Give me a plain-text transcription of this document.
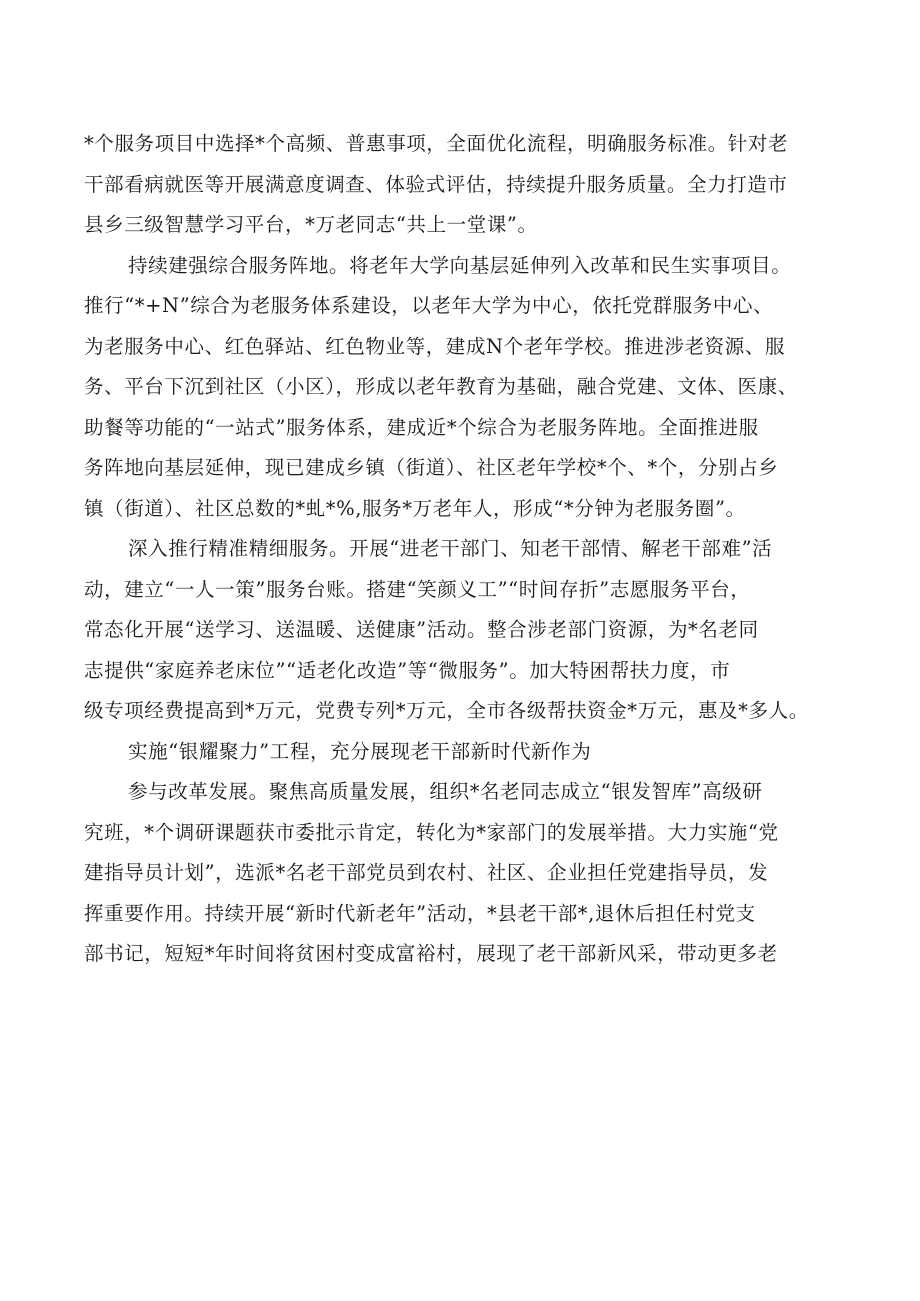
*个服务项目中选择*个高频、普惠事项，全面优化流程，明确服务标准。针对老
干部看病就医等开展满意度调查、体验式评估，持续提升服务质量。全力打造市
县乡三级智慧学习平台，*万老同志“共上一堂课”。
持续建强综合服务阵地。将老年大学向基层延伸列入改革和民生实事项目。
推行“*+N”综合为老服务体系建设，以老年大学为中心，依托党群服务中心、
为老服务中心、红色驿站、红色物业等，建成N个老年学校。推进涉老资源、服
务、平台下沉到社区（小区），形成以老年教育为基础，融合党建、文体、医康、
助餐等功能的“一站式”服务体系，建成近*个综合为老服务阵地。全面推进服
务阵地向基层延伸，现已建成乡镇（街道）、社区老年学校*个、*个，分别占乡
镇（街道）、社区总数的*虬*%,服务*万老年人，形成“*分钟为老服务圈”。
深入推行精准精细服务。开展“进老干部门、知老干部情、解老干部难”活
动，建立“一人一策”服务台账。搭建“笑颜义工”“时间存折”志愿服务平台，
常态化开展“送学习、送温暖、送健康”活动。整合涉老部门资源，为*名老同
志提供“家庭养老床位”“适老化改造”等“微服务”。加大特困帮扶力度，市
级专项经费提高到*万元，党费专列*万元，全市各级帮扶资金*万元，惠及*多人。
实施“银耀聚力”工程，充分展现老干部新时代新作为
参与改革发展。聚焦高质量发展，组织*名老同志成立“银发智库”高级研
究班，*个调研课题获市委批示肯定，转化为*家部门的发展举措。大力实施“党
建指导员计划”，选派*名老干部党员到农村、社区、企业担任党建指导员，发
挥重要作用。持续开展“新时代新老年”活动，*县老干部*,退休后担任村党支
部书记，短短*年时间将贫困村变成富裕村，展现了老干部新风采，带动更多老
